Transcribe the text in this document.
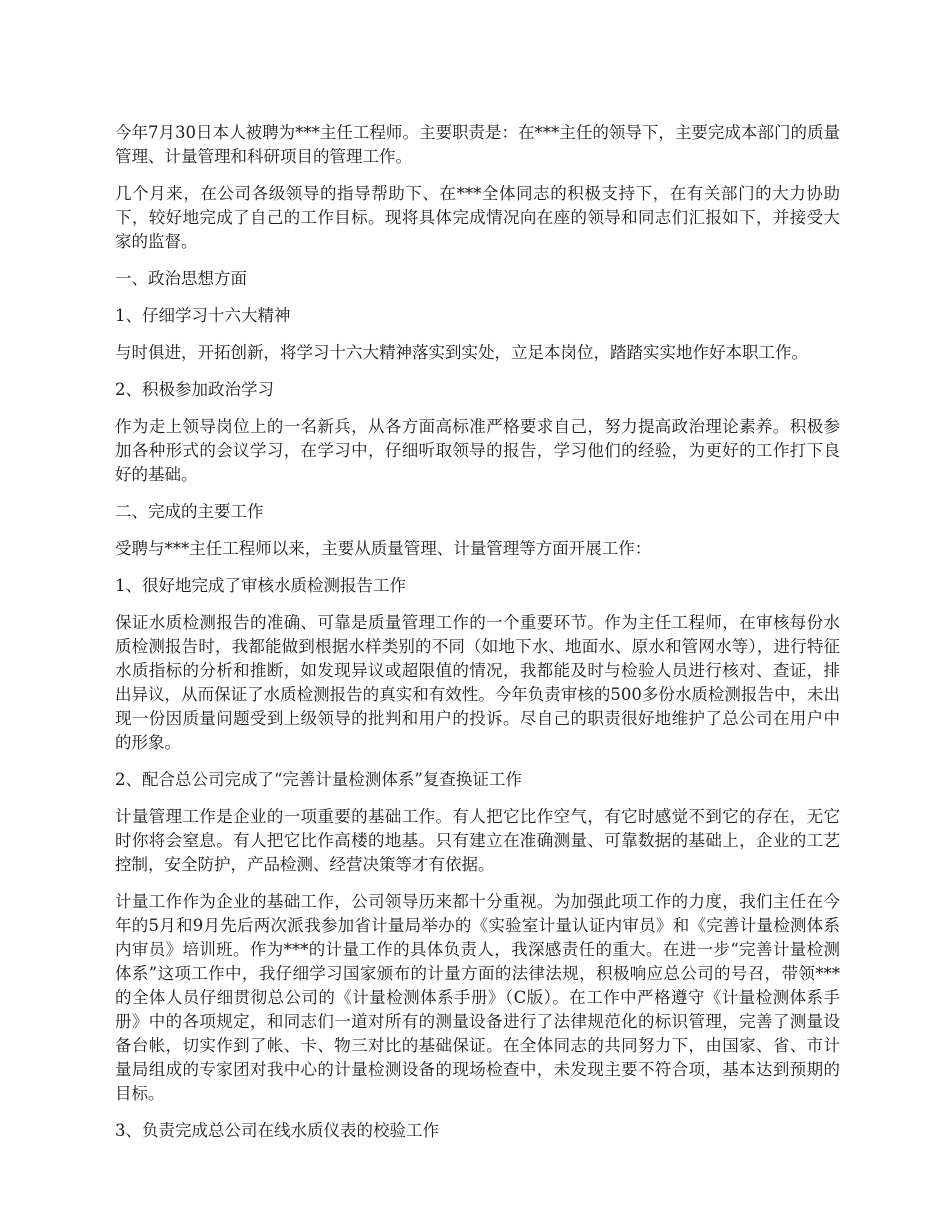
今年7月30日本人被聘为***主任工程师。主要职责是：在***主任的领导下，主要完成本部门的质量管理、计量管理和科研项目的管理工作。

几个月来，在公司各级领导的指导帮助下、在***全体同志的积极支持下，在有关部门的大力协助下，较好地完成了自己的工作目标。现将具体完成情况向在座的领导和同志们汇报如下，并接受大家的监督。

一、政治思想方面

1、仔细学习十六大精神

与时俱进，开拓创新，将学习十六大精神落实到实处，立足本岗位，踏踏实实地作好本职工作。

2、积极参加政治学习

作为走上领导岗位上的一名新兵，从各方面高标准严格要求自己，努力提高政治理论素养。积极参加各种形式的会议学习，在学习中，仔细听取领导的报告，学习他们的经验，为更好的工作打下良好的基础。

二、完成的主要工作

受聘与***主任工程师以来，主要从质量管理、计量管理等方面开展工作：

1、很好地完成了审核水质检测报告工作

保证水质检测报告的准确、可靠是质量管理工作的一个重要环节。作为主任工程师，在审核每份水质检测报告时，我都能做到根据水样类别的不同（如地下水、地面水、原水和管网水等），进行特征水质指标的分析和推断，如发现异议或超限值的情况，我都能及时与检验人员进行核对、查证，排出异议，从而保证了水质检测报告的真实和有效性。今年负责审核的500多份水质检测报告中，未出现一份因质量问题受到上级领导的批判和用户的投诉。尽自己的职责很好地维护了总公司在用户中的形象。

2、配合总公司完成了“完善计量检测体系”复查换证工作

计量管理工作是企业的一项重要的基础工作。有人把它比作空气，有它时感觉不到它的存在，无它时你将会窒息。有人把它比作高楼的地基。只有建立在准确测量、可靠数据的基础上，企业的工艺控制，安全防护，产品检测、经营决策等才有依据。

计量工作作为企业的基础工作，公司领导历来都十分重视。为加强此项工作的力度，我们主任在今年的5月和9月先后两次派我参加省计量局举办的《实验室计量认证内审员》和《完善计量检测体系内审员》培训班。作为***的计量工作的具体负责人，我深感责任的重大。在进一步“完善计量检测体系”这项工作中，我仔细学习国家颁布的计量方面的法律法规，积极响应总公司的号召，带领***的全体人员仔细贯彻总公司的《计量检测体系手册》（C版）。在工作中严格遵守《计量检测体系手册》中的各项规定，和同志们一道对所有的测量设备进行了法律规范化的标识管理，完善了测量设备台帐，切实作到了帐、卡、物三对比的基础保证。在全体同志的共同努力下，由国家、省、市计量局组成的专家团对我中心的计量检测设备的现场检查中，未发现主要不符合项，基本达到预期的目标。

3、负责完成总公司在线水质仪表的校验工作
